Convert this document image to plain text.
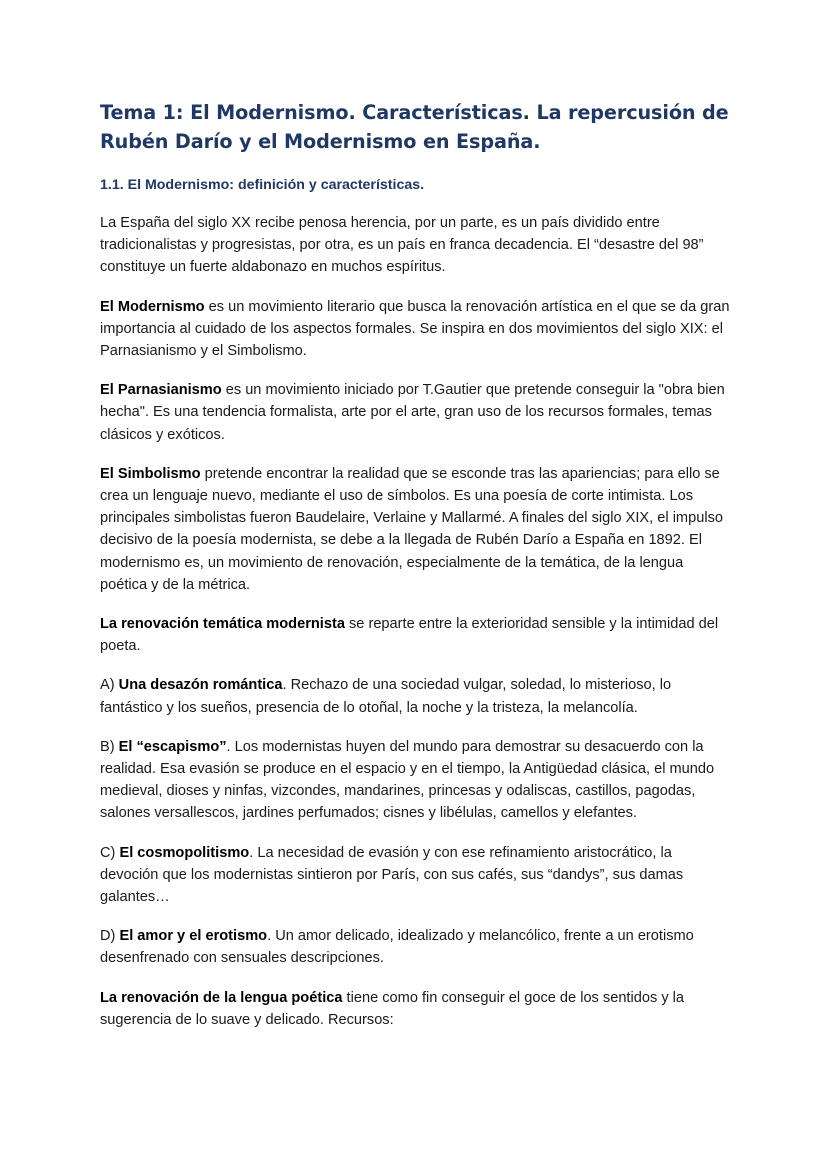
Tema 1: El Modernismo. Características. La repercusión de Rubén Darío y el Modernismo en España.
1.1. El Modernismo: definición y características.

La España del siglo XX recibe penosa herencia, por un parte, es un país dividido entre tradicionalistas y progresistas, por otra, es un país en franca decadencia. El “desastre del 98” constituye un fuerte aldabonazo en muchos espíritus.

El Modernismo es un movimiento literario que busca la renovación artística en el que se da gran importancia al cuidado de los aspectos formales. Se inspira en dos movimientos del siglo XIX: el Parnasianismo y el Simbolismo.

El Parnasianismo es un movimiento iniciado por T.Gautier que pretende conseguir la "obra bien hecha". Es una tendencia formalista, arte por el arte, gran uso de los recursos formales, temas clásicos y exóticos.

El Simbolismo pretende encontrar la realidad que se esconde tras las apariencias; para ello se crea un lenguaje nuevo, mediante el uso de símbolos. Es una poesía de corte intimista. Los principales simbolistas fueron Baudelaire, Verlaine y Mallarmé. A finales del siglo XIX, el impulso decisivo de la poesía modernista, se debe a la llegada de Rubén Darío a España en 1892. El modernismo es, un movimiento de renovación, especialmente de la temática, de la lengua poética y de la métrica.

La renovación temática modernista se reparte entre la exterioridad sensible y la intimidad del poeta.

A) Una desazón romántica. Rechazo de una sociedad vulgar, soledad, lo misterioso, lo fantástico y los sueños, presencia de lo otoñal, la noche y la tristeza, la melancolía.

B) El “escapismo”. Los modernistas huyen del mundo para demostrar su desacuerdo con la realidad. Esa evasión se produce en el espacio y en el tiempo, la Antigüedad clásica, el mundo medieval, dioses y ninfas, vizcondes, mandarines, princesas y odaliscas, castillos, pagodas, salones versallescos, jardines perfumados; cisnes y libélulas, camellos y elefantes.

C) El cosmopolitismo. La necesidad de evasión y con ese refinamiento aristocrático, la devoción que los modernistas sintieron por París, con sus cafés, sus “dandys”, sus damas galantes…

D) El amor y el erotismo. Un amor delicado, idealizado y melancólico, frente a un erotismo desenfrenado con sensuales descripciones.

La renovación de la lengua poética tiene como fin conseguir el goce de los sentidos y la sugerencia de lo suave y delicado. Recursos:
